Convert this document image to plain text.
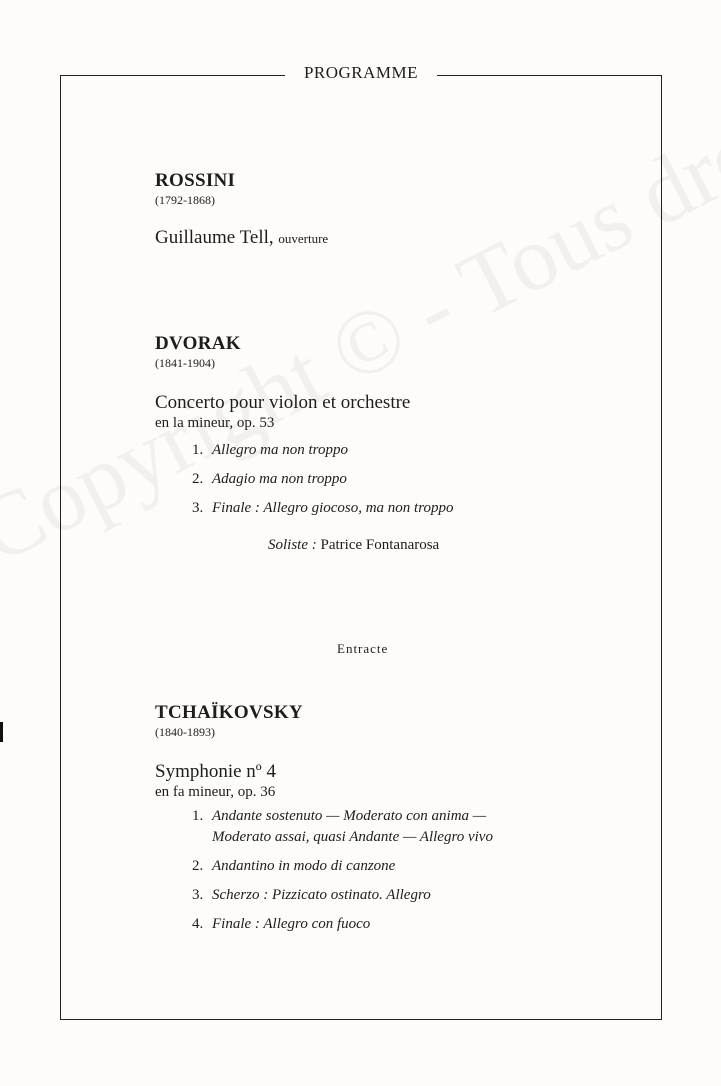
PROGRAMME
ROSSINI
(1792-1868)
Guillaume Tell, ouverture
DVORAK
(1841-1904)
Concerto pour violon et orchestre
en la mineur, op. 53
1. Allegro ma non troppo
2. Adagio ma non troppo
3. Finale : Allegro giocoso, ma non troppo
Soliste : Patrice Fontanarosa
Entracte
TCHAÏKOVSKY
(1840-1893)
Symphonie nº 4
en fa mineur, op. 36
1. Andante sostenuto — Moderato con anima —
Moderato assai, quasi Andante — Allegro vivo
2. Andantino in modo di canzone
3. Scherzo : Pizzicato ostinato. Allegro
4. Finale : Allegro con fuoco
